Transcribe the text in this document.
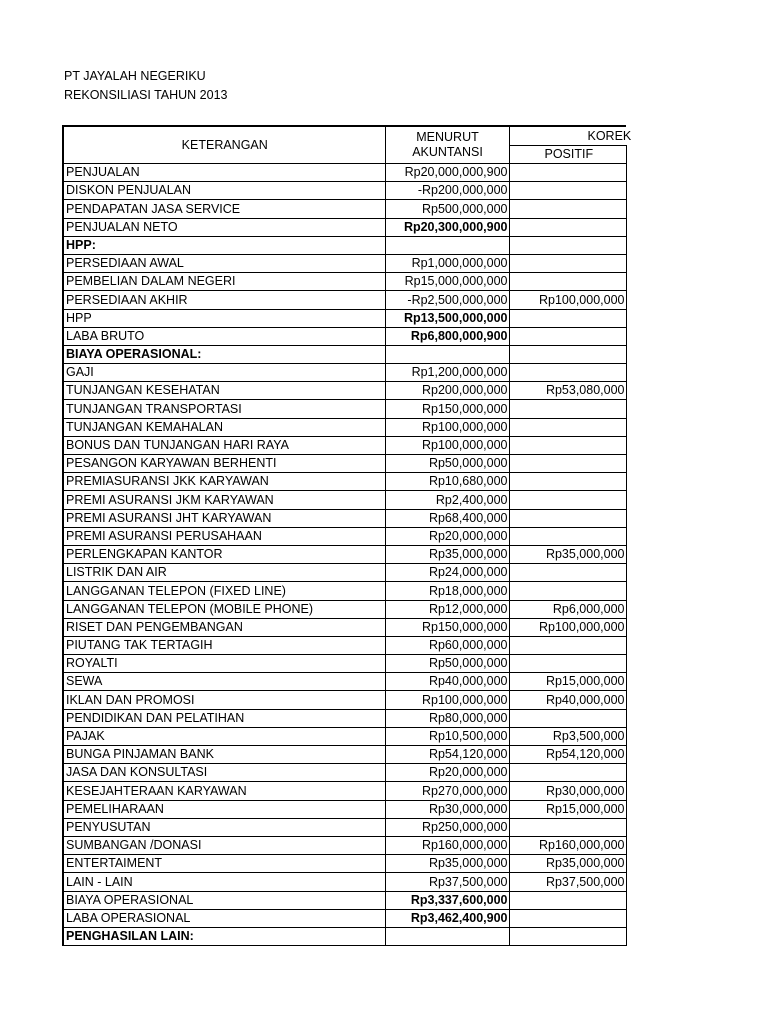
PT JAYALAH NEGERIKU
REKONSILIASI TAHUN 2013
KETERANGAN	MENURUT
AKUNTANSI	KOREK
		POSITIF
PENJUALAN	Rp20,000,000,900	
DISKON PENJUALAN	-Rp200,000,000	
PENDAPATAN JASA SERVICE	Rp500,000,000	
PENJUALAN NETO	Rp20,300,000,900	
HPP:		
PERSEDIAAN AWAL	Rp1,000,000,000	
PEMBELIAN DALAM NEGERI	Rp15,000,000,000	
PERSEDIAAN AKHIR	-Rp2,500,000,000	Rp100,000,000
HPP	Rp13,500,000,000	
LABA BRUTO	Rp6,800,000,900	
BIAYA OPERASIONAL:		
GAJI	Rp1,200,000,000	
TUNJANGAN KESEHATAN	Rp200,000,000	Rp53,080,000
TUNJANGAN TRANSPORTASI	Rp150,000,000	
TUNJANGAN KEMAHALAN	Rp100,000,000	
BONUS DAN TUNJANGAN HARI RAYA	Rp100,000,000	
PESANGON KARYAWAN BERHENTI	Rp50,000,000	
PREMIASURANSI JKK KARYAWAN	Rp10,680,000	
PREMI ASURANSI JKM KARYAWAN	Rp2,400,000	
PREMI ASURANSI JHT KARYAWAN	Rp68,400,000	
PREMI ASURANSI PERUSAHAAN	Rp20,000,000	
PERLENGKAPAN KANTOR	Rp35,000,000	Rp35,000,000
LISTRIK DAN AIR	Rp24,000,000	
LANGGANAN TELEPON (FIXED LINE)	Rp18,000,000	
LANGGANAN TELEPON (MOBILE PHONE)	Rp12,000,000	Rp6,000,000
RISET DAN PENGEMBANGAN	Rp150,000,000	Rp100,000,000
PIUTANG TAK TERTAGIH	Rp60,000,000	
ROYALTI	Rp50,000,000	
SEWA	Rp40,000,000	Rp15,000,000
IKLAN DAN PROMOSI	Rp100,000,000	Rp40,000,000
PENDIDIKAN DAN PELATIHAN	Rp80,000,000	
PAJAK	Rp10,500,000	Rp3,500,000
BUNGA PINJAMAN BANK	Rp54,120,000	Rp54,120,000
JASA DAN KONSULTASI	Rp20,000,000	
KESEJAHTERAAN KARYAWAN	Rp270,000,000	Rp30,000,000
PEMELIHARAAN	Rp30,000,000	Rp15,000,000
PENYUSUTAN	Rp250,000,000	
SUMBANGAN /DONASI	Rp160,000,000	Rp160,000,000
ENTERTAIMENT	Rp35,000,000	Rp35,000,000
LAIN - LAIN	Rp37,500,000	Rp37,500,000
BIAYA OPERASIONAL	Rp3,337,600,000	
LABA OPERASIONAL	Rp3,462,400,900	
PENGHASILAN LAIN:		
